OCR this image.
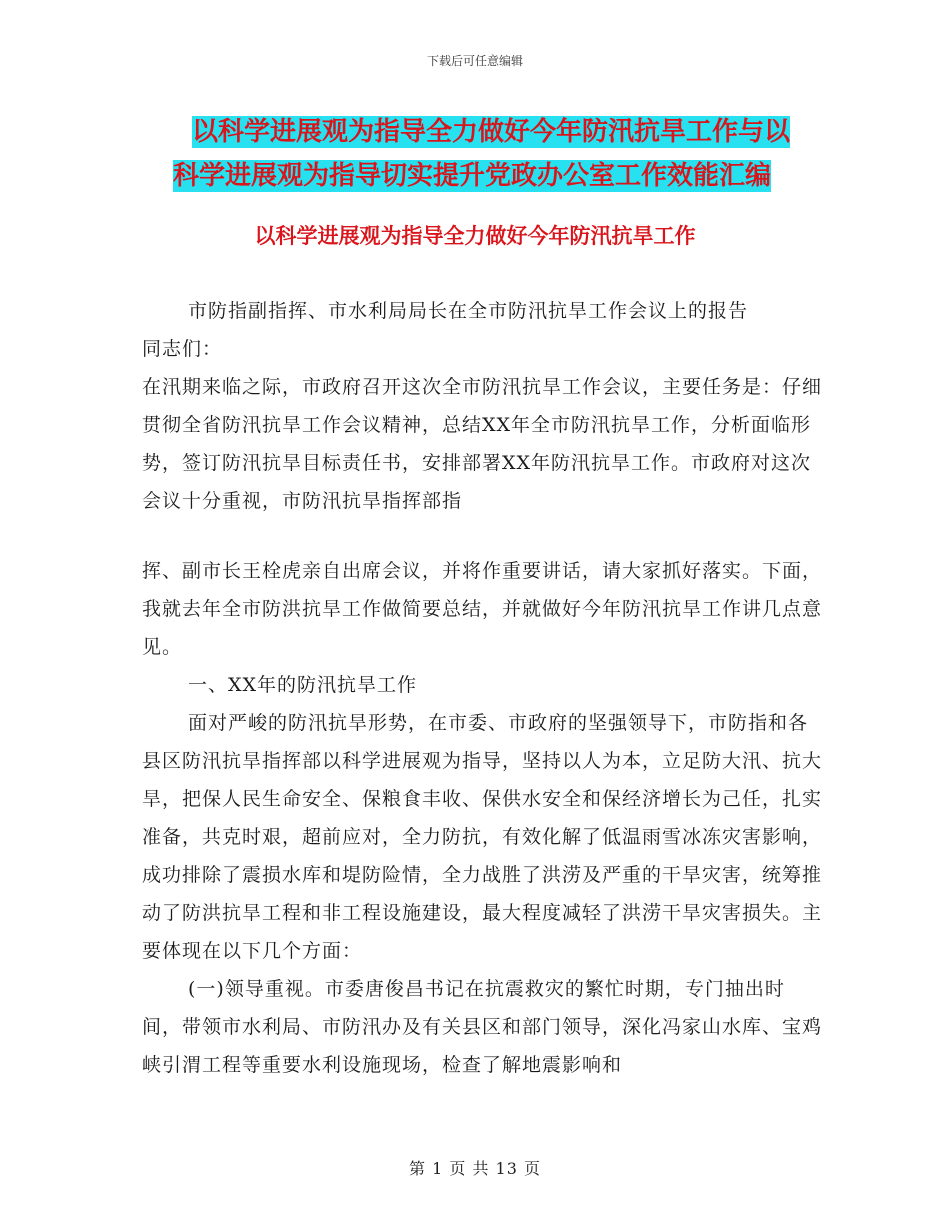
下载后可任意编辑
以科学进展观为指导全力做好今年防汛抗旱工作与以
科学进展观为指导切实提升党政办公室工作效能汇编
以科学进展观为指导全力做好今年防汛抗旱工作

市防指副指挥、市水利局局长在全市防汛抗旱工作会议上的报告

同志们：

在汛期来临之际，市政府召开这次全市防汛抗旱工作会议，主要任务是：仔细贯彻全省防汛抗旱工作会议精神，总结XX年全市防汛抗旱工作，分析面临形势，签订防汛抗旱目标责任书，安排部署XX年防汛抗旱工作。市政府对这次会议十分重视，市防汛抗旱指挥部指

挥、副市长王栓虎亲自出席会议，并将作重要讲话，请大家抓好落实。下面，我就去年全市防洪抗旱工作做简要总结，并就做好今年防汛抗旱工作讲几点意见。

一、XX年的防汛抗旱工作

面对严峻的防汛抗旱形势，在市委、市政府的坚强领导下，市防指和各县区防汛抗旱指挥部以科学进展观为指导，坚持以人为本，立足防大汛、抗大旱，把保人民生命安全、保粮食丰收、保供水安全和保经济增长为己任，扎实准备，共克时艰，超前应对，全力防抗，有效化解了低温雨雪冰冻灾害影响，成功排除了震损水库和堤防险情，全力战胜了洪涝及严重的干旱灾害，统筹推动了防洪抗旱工程和非工程设施建设，最大程度减轻了洪涝干旱灾害损失。主要体现在以下几个方面：

(一)领导重视。市委唐俊昌书记在抗震救灾的繁忙时期，专门抽出时间，带领市水利局、市防汛办及有关县区和部门领导，深化冯家山水库、宝鸡峡引渭工程等重要水利设施现场，检查了解地震影响和

第 1 页 共 13 页
